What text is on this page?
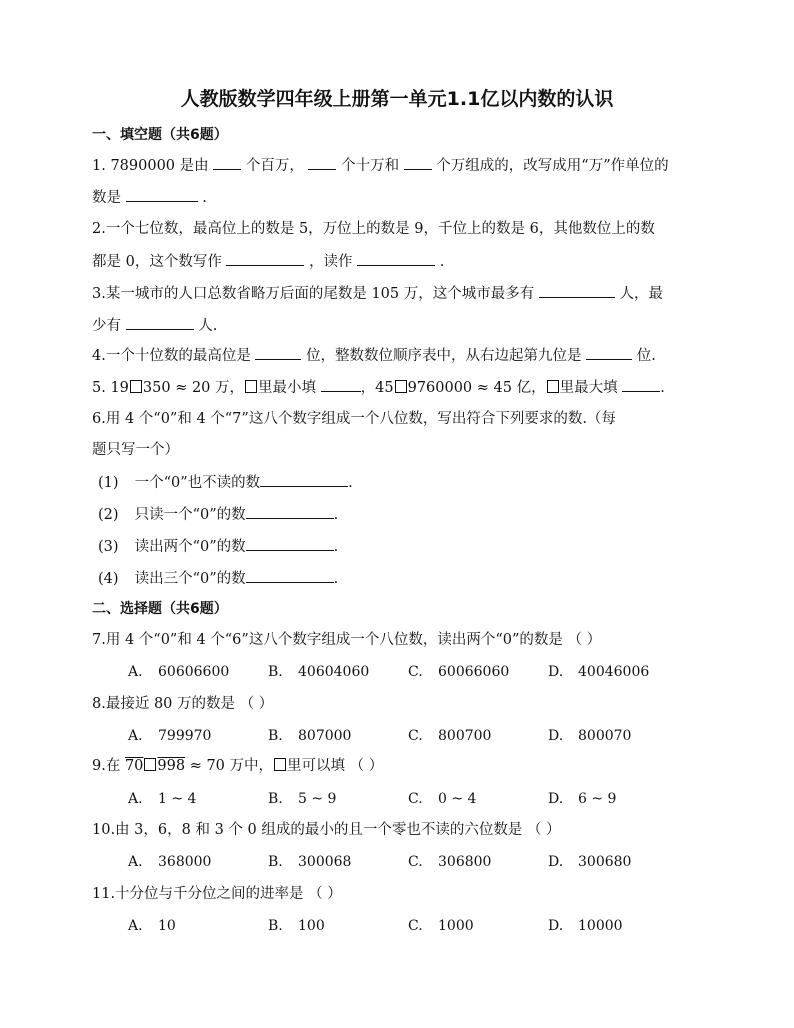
人教版数学四年级上册第一单元1.1亿以内数的认识
一、填空题（共6题）
1. 7890000 是由	个百万，	个十万和	个万组成的，改写成用“万”作单位的
数是	.
2.一个七位数，最高位上的数是 5，万位上的数是 9，千位上的数是 6，其他数位上的数
都是 0，这个数写作	，读作	.
3.某一城市的人口总数省略万后面的尾数是 105 万，这个城市最多有	人，最
少有	人.
4.一个十位数的最高位是	位，整数数位顺序表中，从右边起第九位是	位.
5. 19 350 ≈ 20 万， 里最小填	，45 9760000 ≈ 45 亿， 里最大填	.
6.用 4 个“0”和 4 个“7”这八个数字组成一个八位数，写出符合下列要求的数.（每
题只写一个）
(1) 一个“0”也不读的数	.
(2) 只读一个“0”的数	.
(3) 读出两个“0”的数	.
(4) 读出三个“0”的数	.
二、选择题（共6题）
7.用 4 个“0”和 4 个“6”这八个数字组成一个八位数，读出两个“0”的数是 （ ）
A. 60606600	B. 40604060	C. 60066060	D. 40046006
8.最接近 80 万的数是 （ ）
A. 799970	B. 807000	C. 800700	D. 800070
9.在 70 998 ≈ 70 万中， 里可以填 （ ）
A. 1 ~ 4	B. 5 ~ 9	C. 0 ~ 4	D. 6 ~ 9
10.由 3，6，8 和 3 个 0 组成的最小的且一个零也不读的六位数是 （ ）
A. 368000	B. 300068	C. 306800	D. 300680
11.十分位与千分位之间的进率是 （ ）
A. 10	B. 100	C. 1000	D. 10000
